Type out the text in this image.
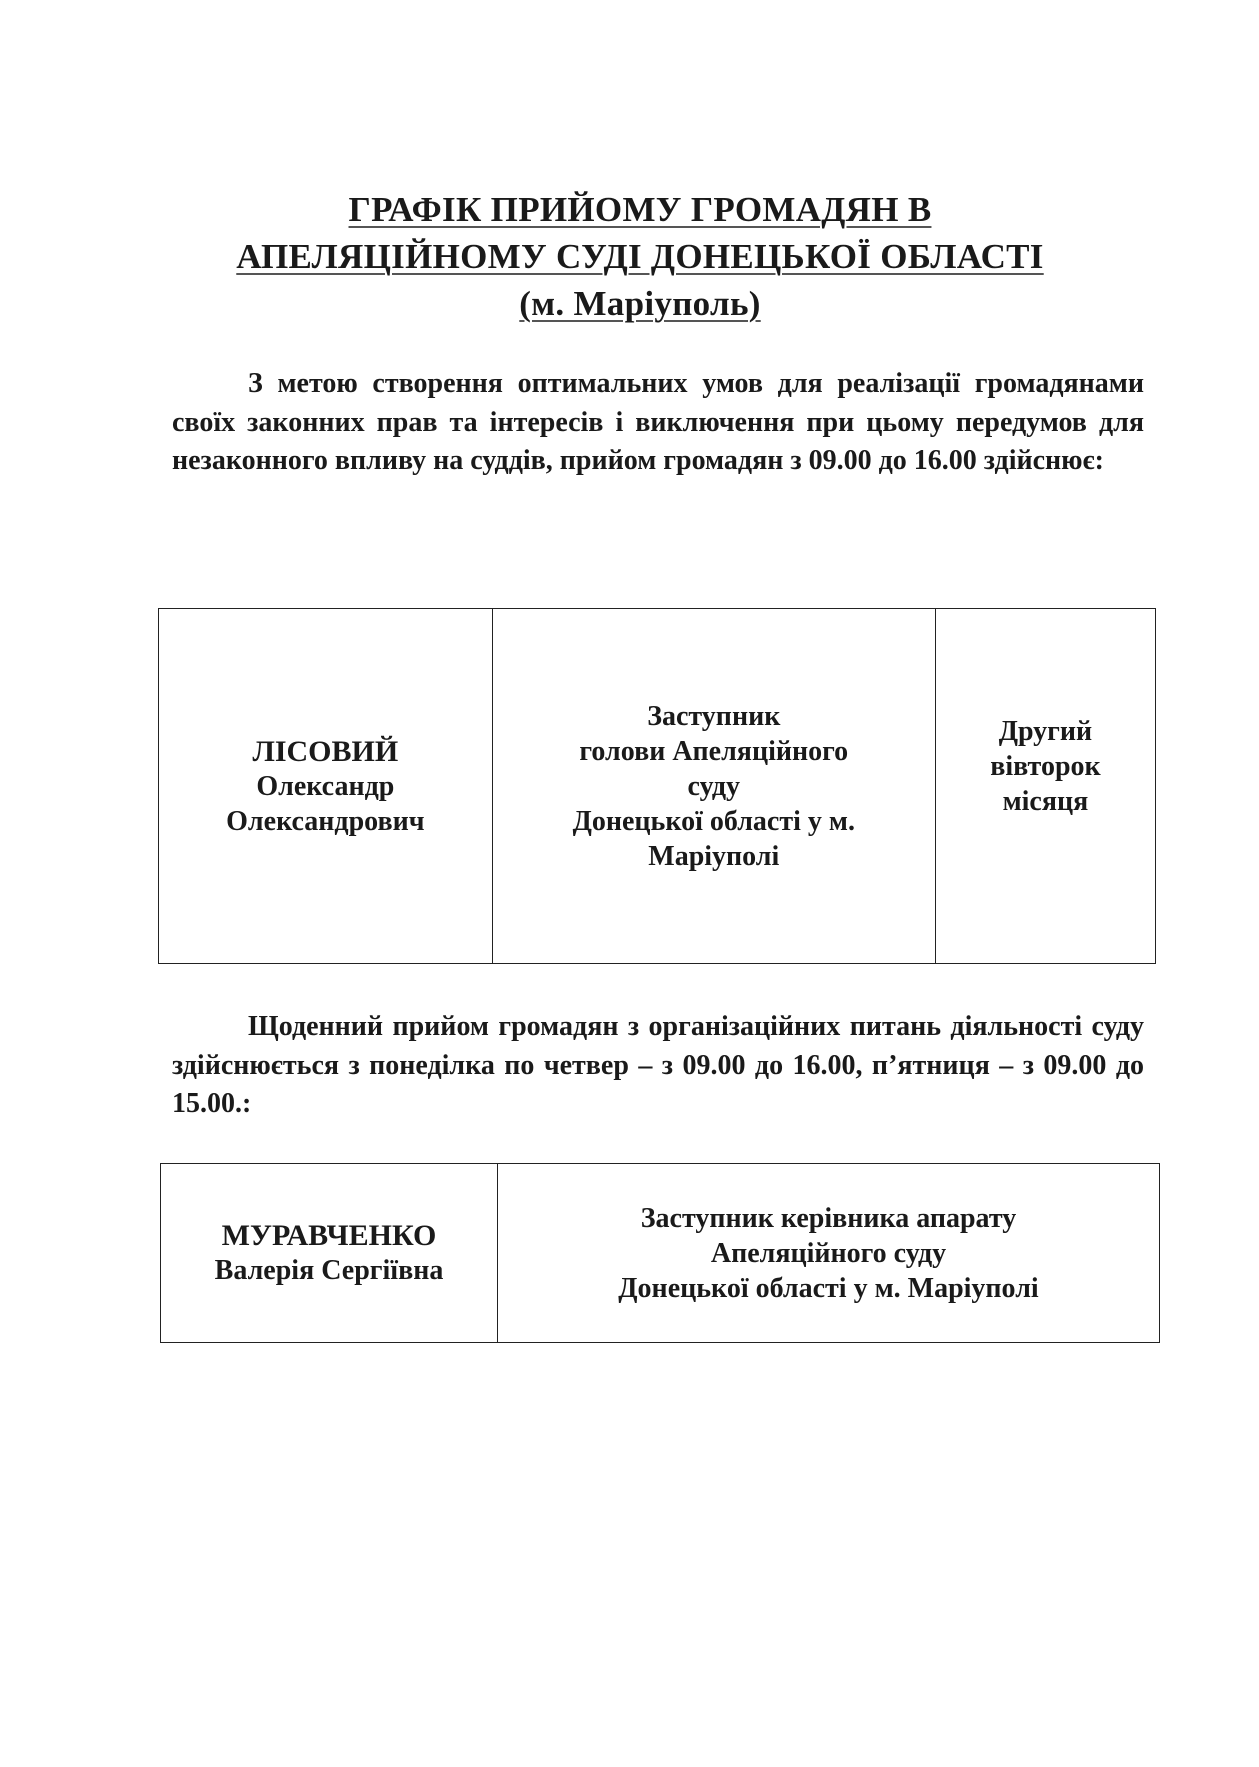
ГРАФІК ПРИЙОМУ ГРОМАДЯН В
АПЕЛЯЦІЙНОМУ СУДІ ДОНЕЦЬКОЇ ОБЛАСТІ
(м. Маріуполь)
З метою створення оптимальних умов для реалізації громадянами своїх законних прав та інтересів і виключення при цьому передумов для незаконного впливу на суддів, прийом громадян з 09.00 до 16.00 здійснює:
ЛІСОВИЙ
Олександр
Олександрович

Заступник
голови Апеляційного
суду
Донецької області у м.
Маріуполі

Другий
вівторок
місяця
Щоденний прийом громадян з організаційних питань діяльності суду здійснюється з понеділка по четвер – з 09.00 до 16.00, п’ятниця – з 09.00 до 15.00.:
МУРАВЧЕНКО
Валерія Сергіївна

Заступник керівника апарату
Апеляційного суду
Донецької області у м. Маріуполі
